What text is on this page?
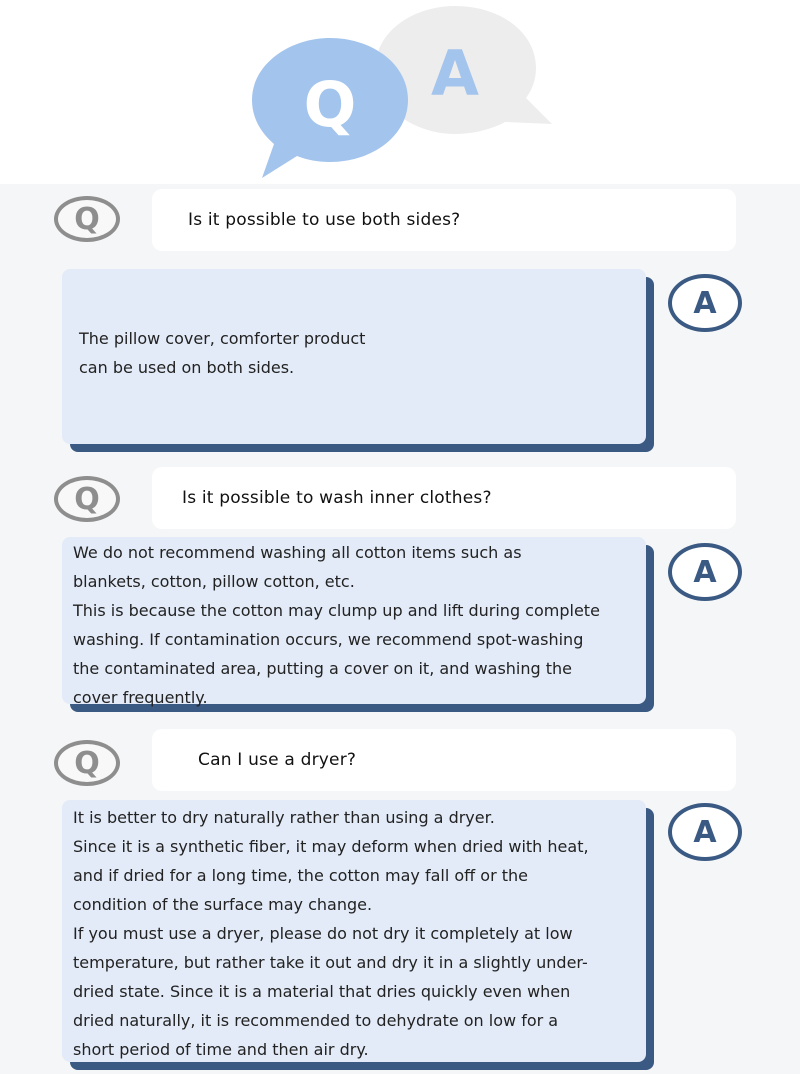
Q A
Q	Is it possible to use both sides?

The pillow cover, comforter product
can be used on both sides.

A
Q	Is it possible to wash inner clothes?

We do not recommend washing all cotton items such as
blankets, cotton, pillow cotton, etc.
This is because the cotton may clump up and lift during complete
washing. If contamination occurs, we recommend spot-washing
the contaminated area, putting a cover on it, and washing the
cover frequently.

A
Q	Can I use a dryer?

It is better to dry naturally rather than using a dryer.
Since it is a synthetic fiber, it may deform when dried with heat,
and if dried for a long time, the cotton may fall off or the
condition of the surface may change.
If you must use a dryer, please do not dry it completely at low
temperature, but rather take it out and dry it in a slightly under-
dried state. Since it is a material that dries quickly even when
dried naturally, it is recommended to dehydrate on low for a
short period of time and then air dry.

A
